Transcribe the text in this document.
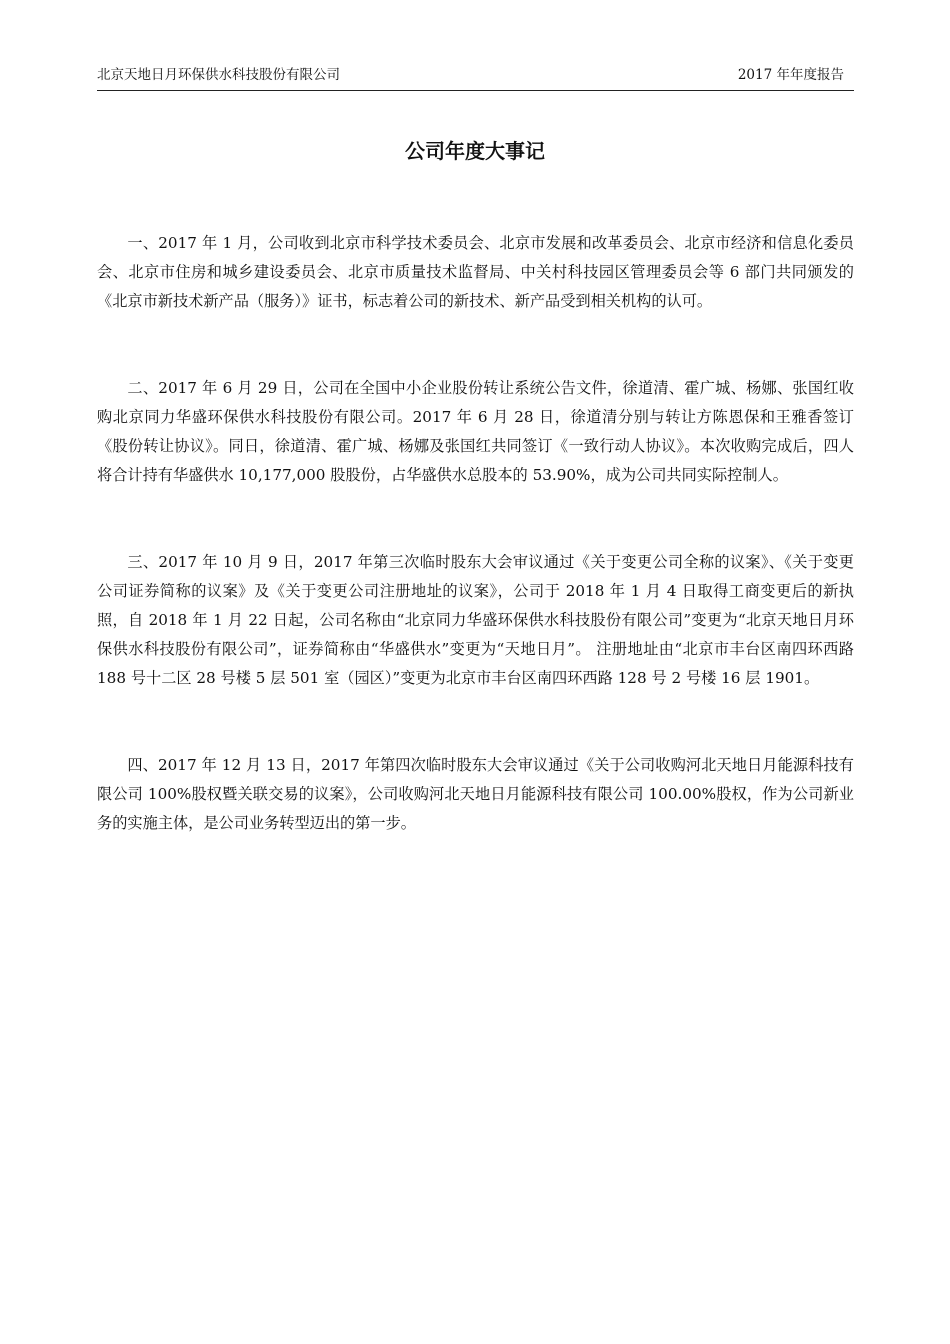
北京天地日月环保供水科技股份有限公司	2017 年年度报告
公司年度大事记

一、2017 年 1 月，公司收到北京市科学技术委员会、北京市发展和改革委员会、北京市经济和信息化委员会、北京市住房和城乡建设委员会、北京市质量技术监督局、中关村科技园区管理委员会等 6 部门共同颁发的《北京市新技术新产品（服务）》证书，标志着公司的新技术、新产品受到相关机构的认可。

二、2017 年 6 月 29 日，公司在全国中小企业股份转让系统公告文件，徐道清、霍广城、杨娜、张国红收购北京同力华盛环保供水科技股份有限公司。2017 年 6 月 28 日，徐道清分别与转让方陈恩保和王雅香签订《股份转让协议》。同日，徐道清、霍广城、杨娜及张国红共同签订《一致行动人协议》。本次收购完成后，四人将合计持有华盛供水 10,177,000 股股份，占华盛供水总股本的 53.90%，成为公司共同实际控制人。

三、2017 年 10 月 9 日，2017 年第三次临时股东大会审议通过《关于变更公司全称的议案》、《关于变更公司证券简称的议案》及《关于变更公司注册地址的议案》，公司于 2018 年 1 月 4 日取得工商变更后的新执照，自 2018 年 1 月 22 日起，公司名称由“北京同力华盛环保供水科技股份有限公司”变更为“北京天地日月环保供水科技股份有限公司”，证券简称由“华盛供水”变更为“天地日月”。 注册地址由“北京市丰台区南四环西路 188 号十二区 28 号楼 5 层 501 室（园区）”变更为北京市丰台区南四环西路 128 号 2 号楼 16 层 1901。

四、2017 年 12 月 13 日，2017 年第四次临时股东大会审议通过《关于公司收购河北天地日月能源科技有限公司 100%股权暨关联交易的议案》，公司收购河北天地日月能源科技有限公司 100.00%股权，作为公司新业务的实施主体，是公司业务转型迈出的第一步。
